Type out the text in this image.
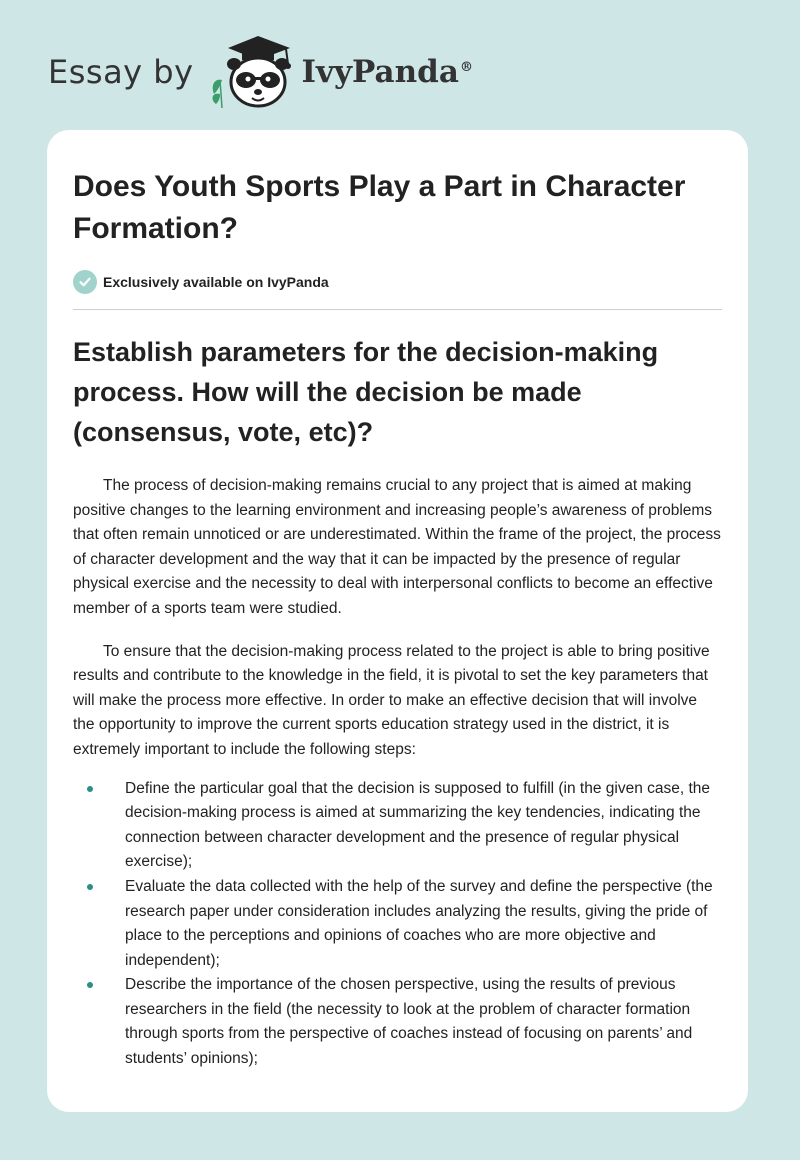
Essay by	IvyPanda®
Does Youth Sports Play a Part in Character Formation?
Exclusively available on IvyPanda
Establish parameters for the decision-making process. How will the decision be made (consensus, vote, etc)?

The process of decision-making remains crucial to any project that is aimed at making positive changes to the learning environment and increasing people’s awareness of problems that often remain unnoticed or are underestimated. Within the frame of the project, the process of character development and the way that it can be impacted by the presence of regular physical exercise and the necessity to deal with interpersonal conflicts to become an effective member of a sports team were studied.

To ensure that the decision-making process related to the project is able to bring positive results and contribute to the knowledge in the field, it is pivotal to set the key parameters that will make the process more effective. In order to make an effective decision that will involve the opportunity to improve the current sports education strategy used in the district, it is extremely important to include the following steps:

Define the particular goal that the decision is supposed to fulfill (in the given case, the decision-making process is aimed at summarizing the key tendencies, indicating the connection between character development and the presence of regular physical exercise);
Evaluate the data collected with the help of the survey and define the perspective (the research paper under consideration includes analyzing the results, giving the pride of place to the perceptions and opinions of coaches who are more objective and independent);
Describe the importance of the chosen perspective, using the results of previous researchers in the field (the necessity to look at the problem of character formation through sports from the perspective of coaches instead of focusing on parents’ and students’ opinions);
